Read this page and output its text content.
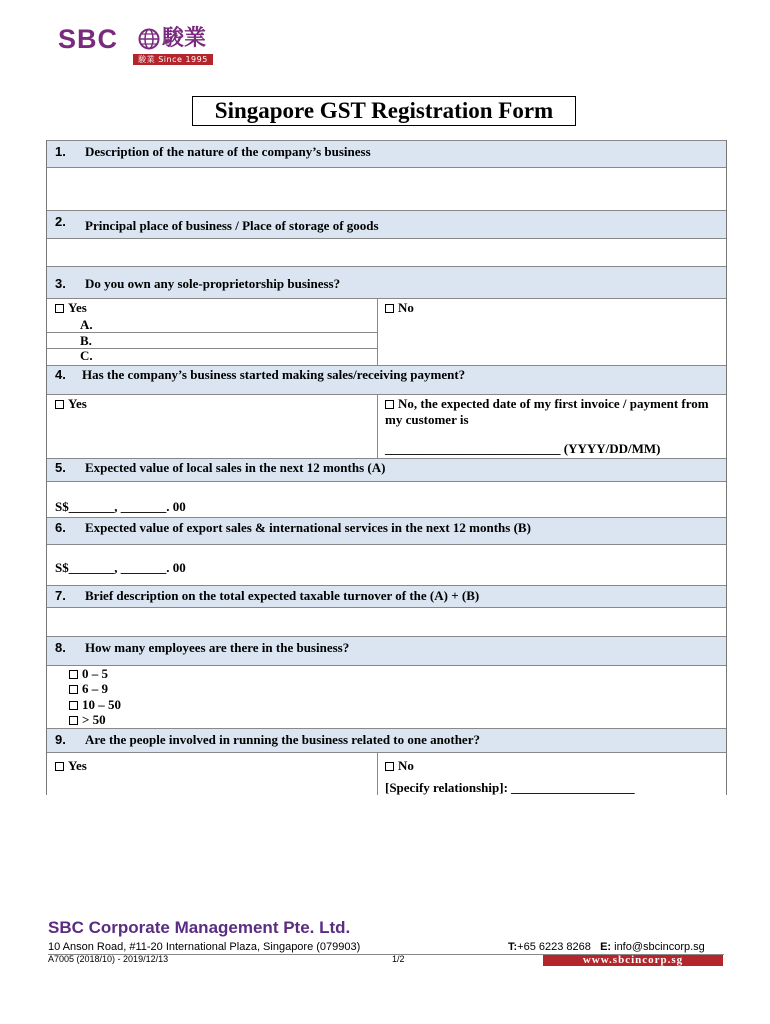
SBC 駿業
駿業 Since 1995
Singapore GST Registration Form
1. Description of the nature of the company’s business
2. Principal place of business / Place of storage of goods
3. Do you own any sole-proprietorship business?
Yes	No
A.
B.
C.
4. Has the company’s business started making sales/receiving payment?
Yes	No, the expected date of my first invoice / payment from my customer is
___________________________ (YYYY/DD/MM)
5. Expected value of local sales in the next 12 months (A)
S$_______, _______. 00
6. Expected value of export sales & international services in the next 12 months (B)
S$_______, _______. 00
7. Brief description on the total expected taxable turnover of the (A) + (B)
8. How many employees are there in the business?
0 – 5
6 – 9
10 – 50
> 50
9. Are the people involved in running the business related to one another?
Yes	No
[Specify relationship]: ___________________
SBC Corporate Management Pte. Ltd.
10 Anson Road, #11-20 International Plaza, Singapore (079903)	T:+65 6223 8268 E: info@sbcincorp.sg
A7005 (2018/10) - 2019/12/13	1/2	www.sbcincorp.sg
